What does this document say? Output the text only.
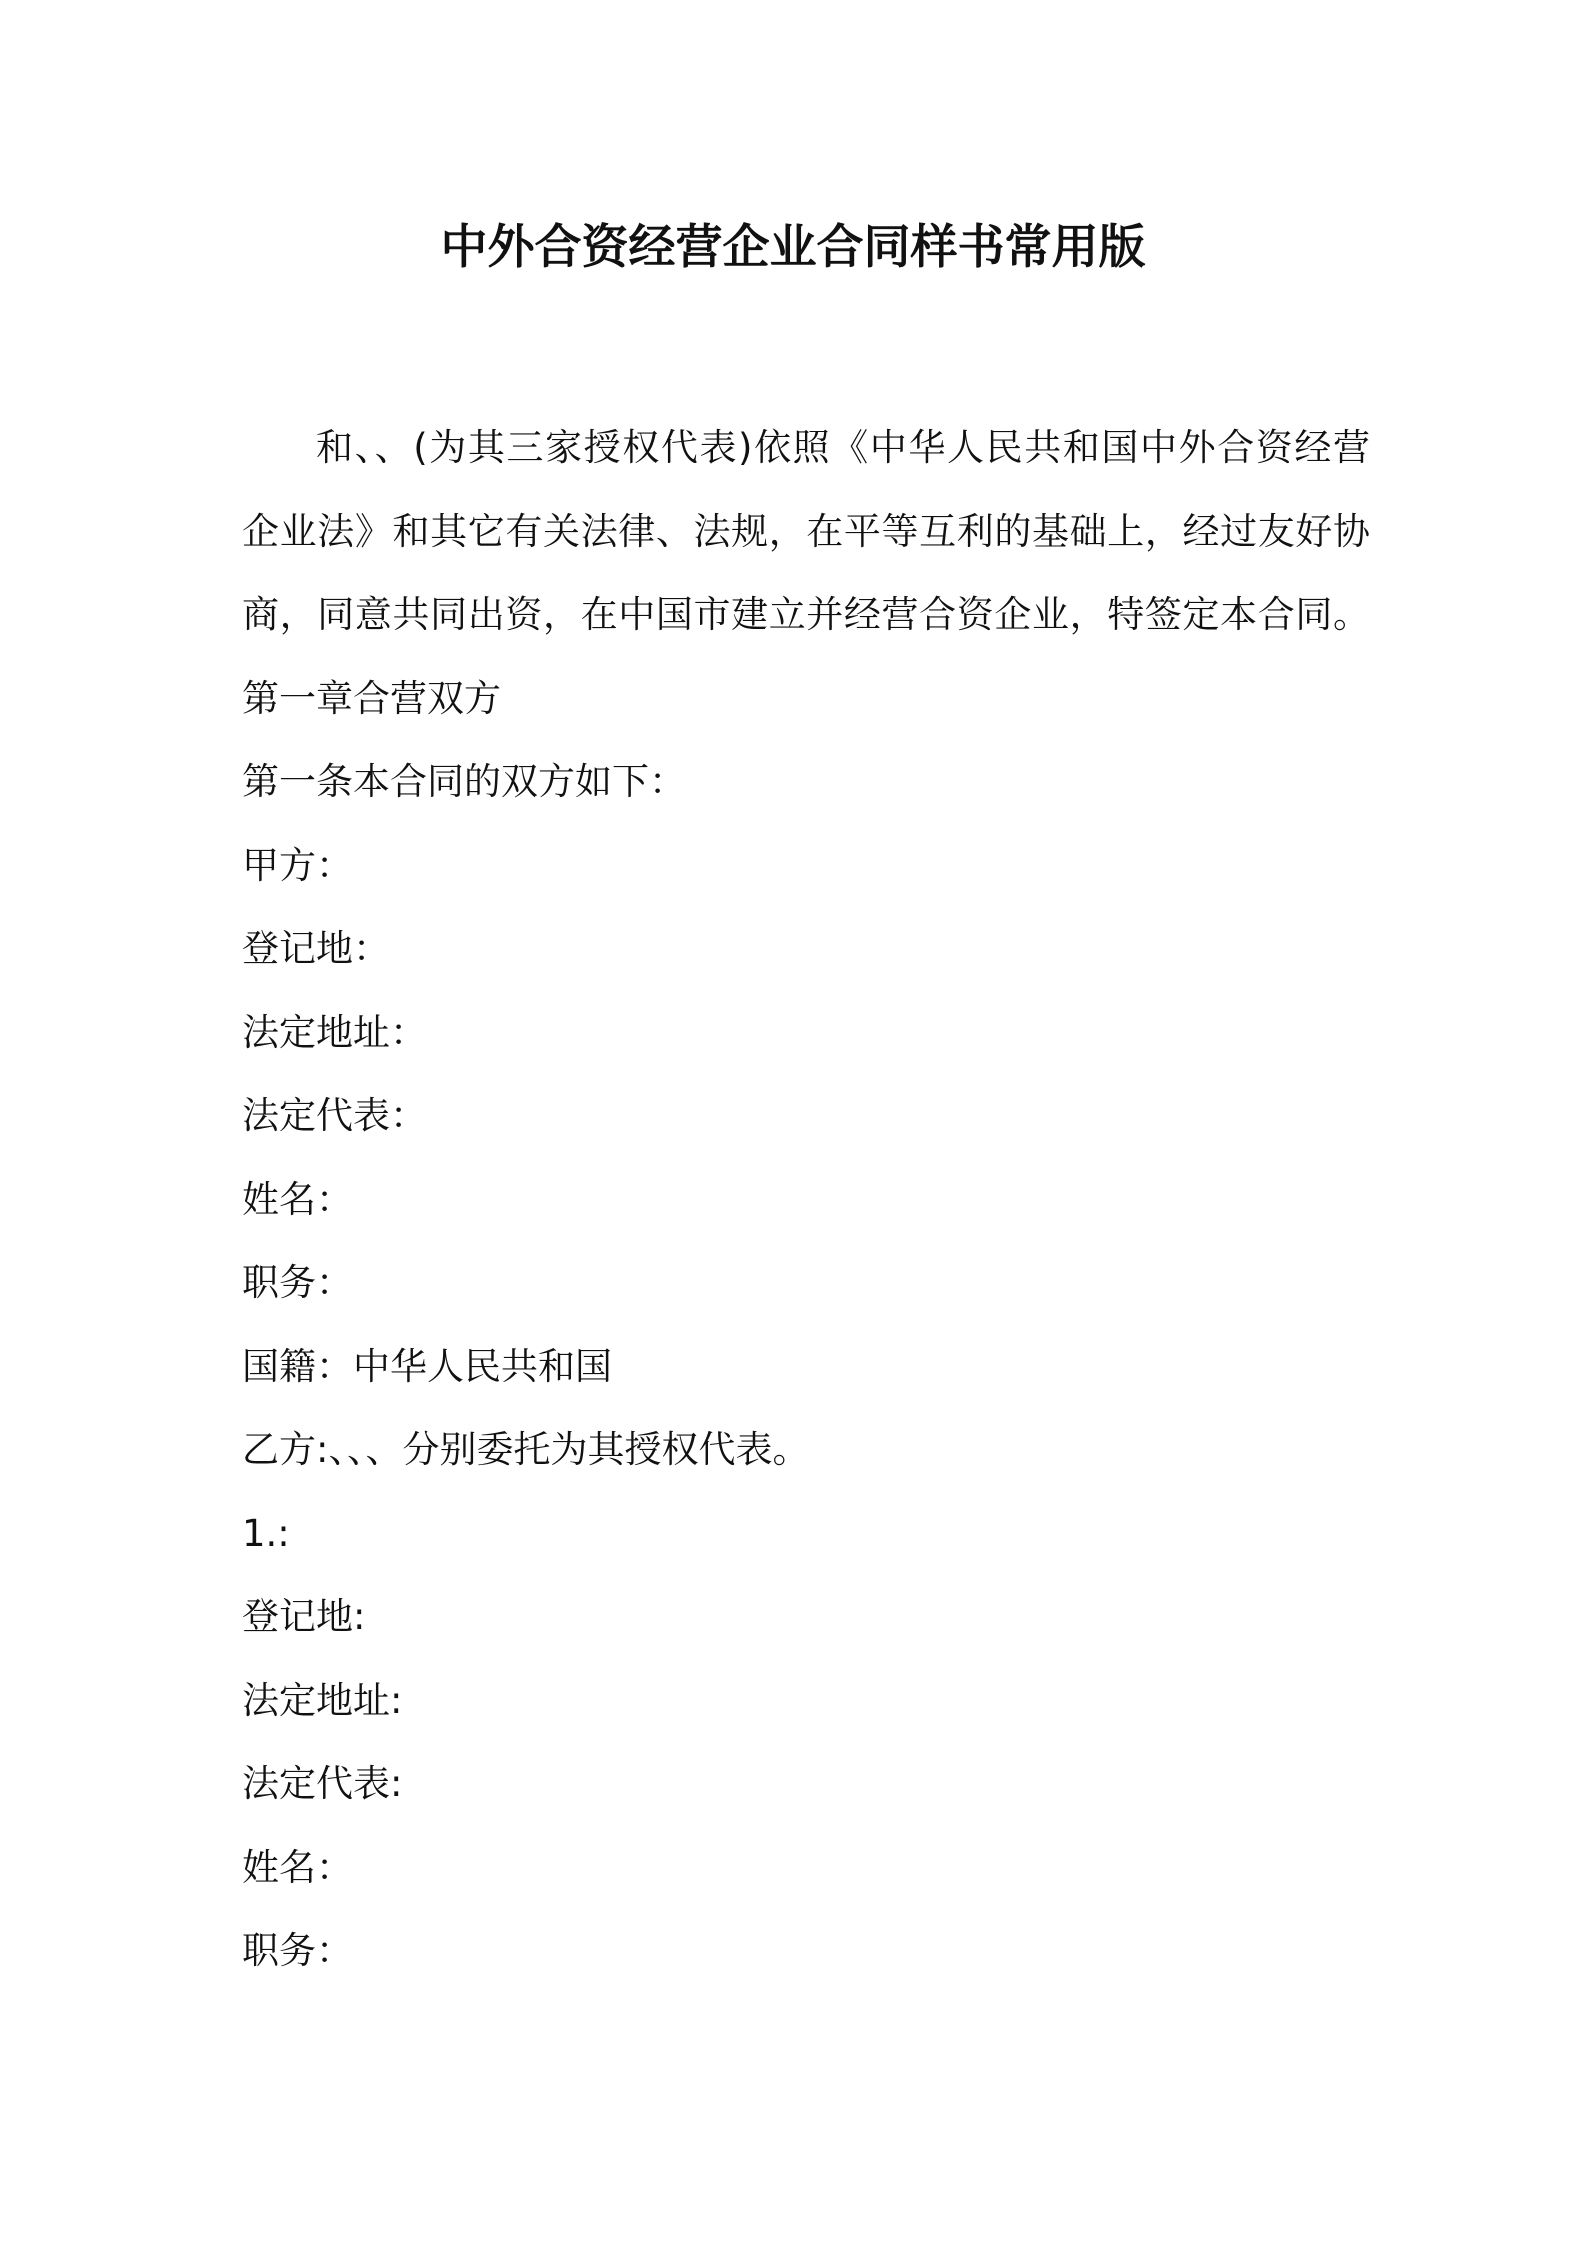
中外合资经营企业合同样书常用版
和、、(为其三家授权代表)依照《中华人民共和国中外合资经营
企业法》和其它有关法律、法规，在平等互利的基础上，经过友好协
商，同意共同出资，在中国市建立并经营合资企业，特签定本合同。

第一章合营双方

第一条本合同的双方如下：

甲方：

登记地：

法定地址：

法定代表：

姓名：

职务：

国籍：中华人民共和国

乙方:、、、分别委托为其授权代表。

1.:

登记地:

法定地址:

法定代表:

姓名：

职务：
